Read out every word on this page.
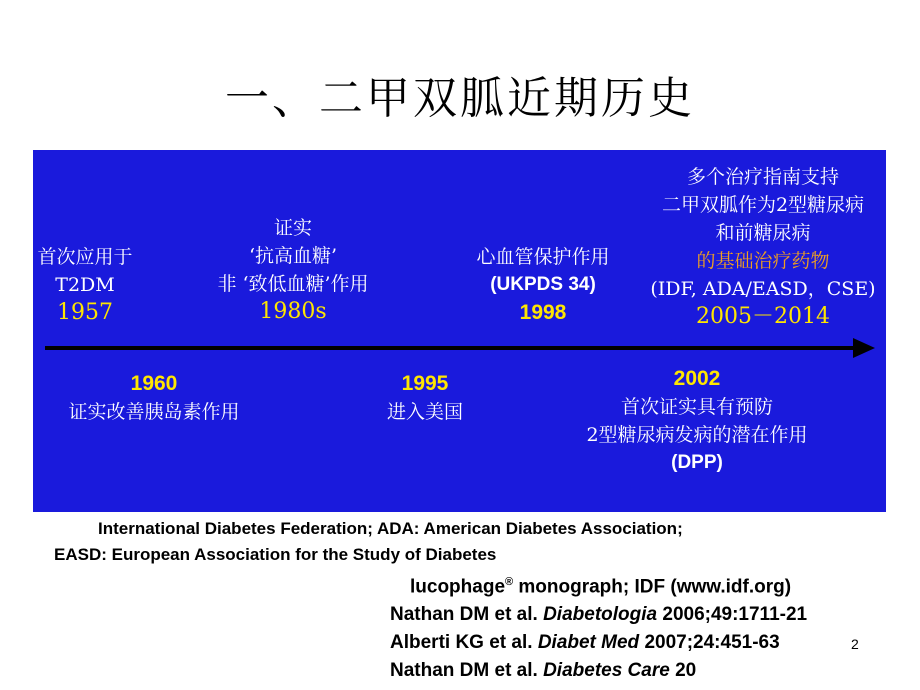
一、二甲双胍近期历史
首次应用于
T2DM
1957
证实
‘抗高血糖’
非 ‘致低血糖’作用
1980s
心血管保护作用
(UKPDS 34)
1998
多个治疗指南支持
二甲双胍作为2型糖尿病
和前糖尿病
的基础治疗药物
(IDF, ADA/EASD，CSE)
2005－2014
1960
证实改善胰岛素作用
1995
进入美国
2002
首次证实具有预防
2型糖尿病发病的潜在作用
(DPP)
International Diabetes Federation; ADA: American Diabetes Association;
EASD: European Association for the Study of Diabetes
lucophage® monograph; IDF (www.idf.org)
Nathan DM et al. Diabetologia 2006;49:1711-21
Alberti KG et al. Diabet Med 2007;24:451-63
Nathan DM et al. Diabetes Care 20
2
